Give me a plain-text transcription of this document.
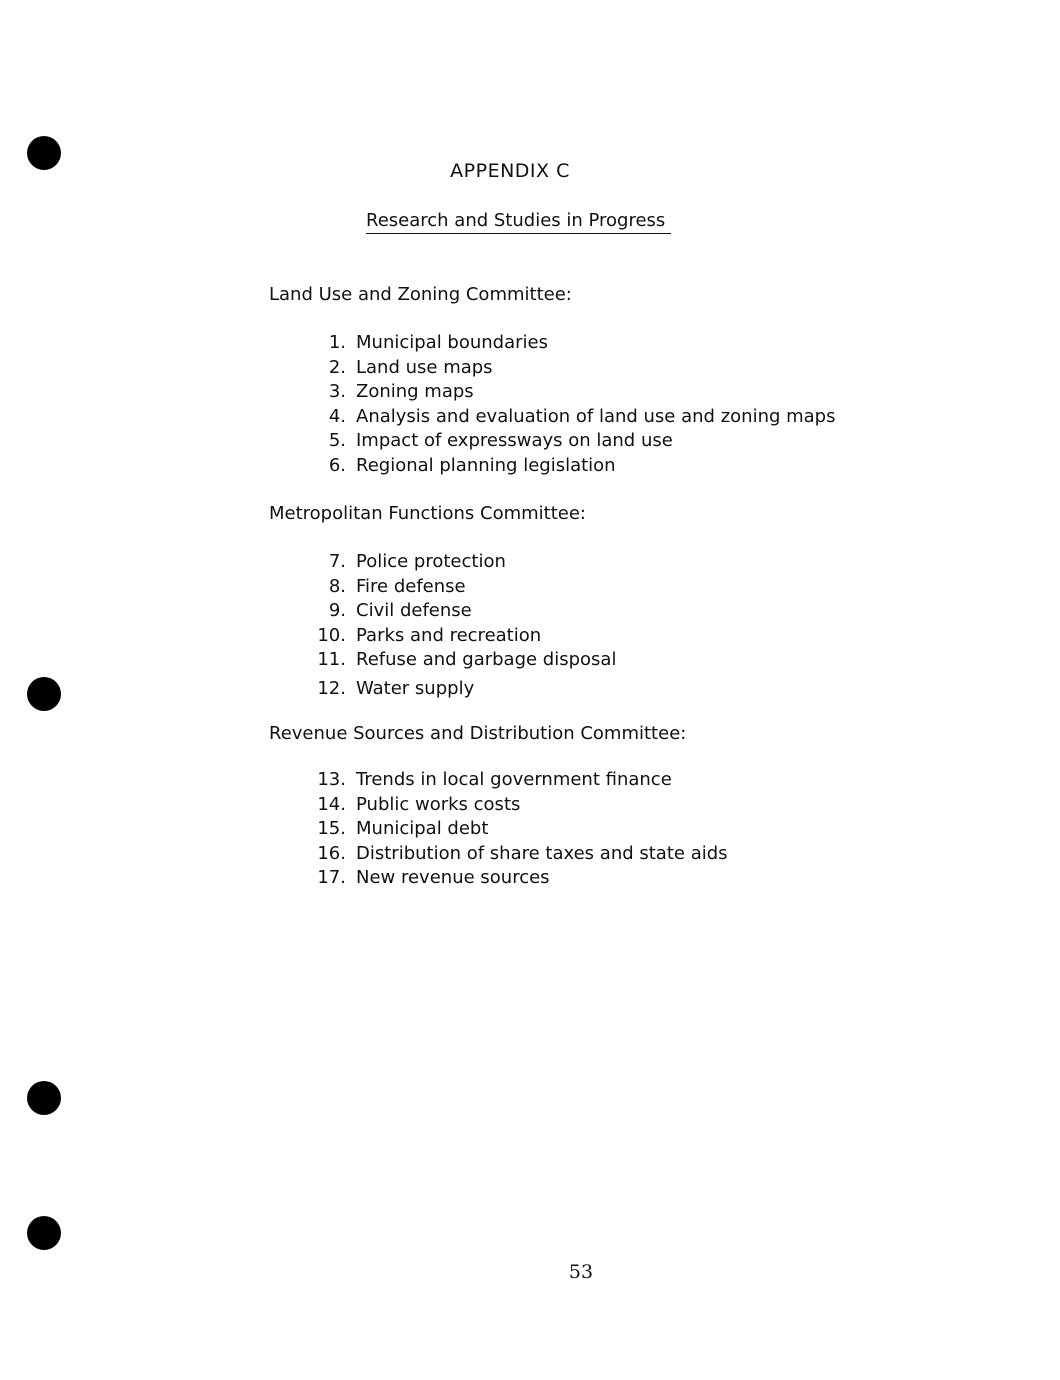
APPENDIX C
Research and Studies in Progress
Land Use and Zoning Committee:
1 . Municipal boundaries
2 . Land use maps
3 . Zoning maps
4 . Analysis and evaluation of land use and zoning maps
5 . Impact of expressways on land use
6 . Regional planning legislation
Metropolitan Functions Committee:
7 . Police protection
8 . Fire defense
9 . Civil defense
10 . Parks and recreation
11 . Refuse and garbage disposal
12 . Water supply
Revenue Sources and Distribution Committee:
13 . Trends in local government finance
14 . Public works costs
15 . Municipal debt
16 . Distribution of share taxes and state aids
17 . New revenue sources
53
